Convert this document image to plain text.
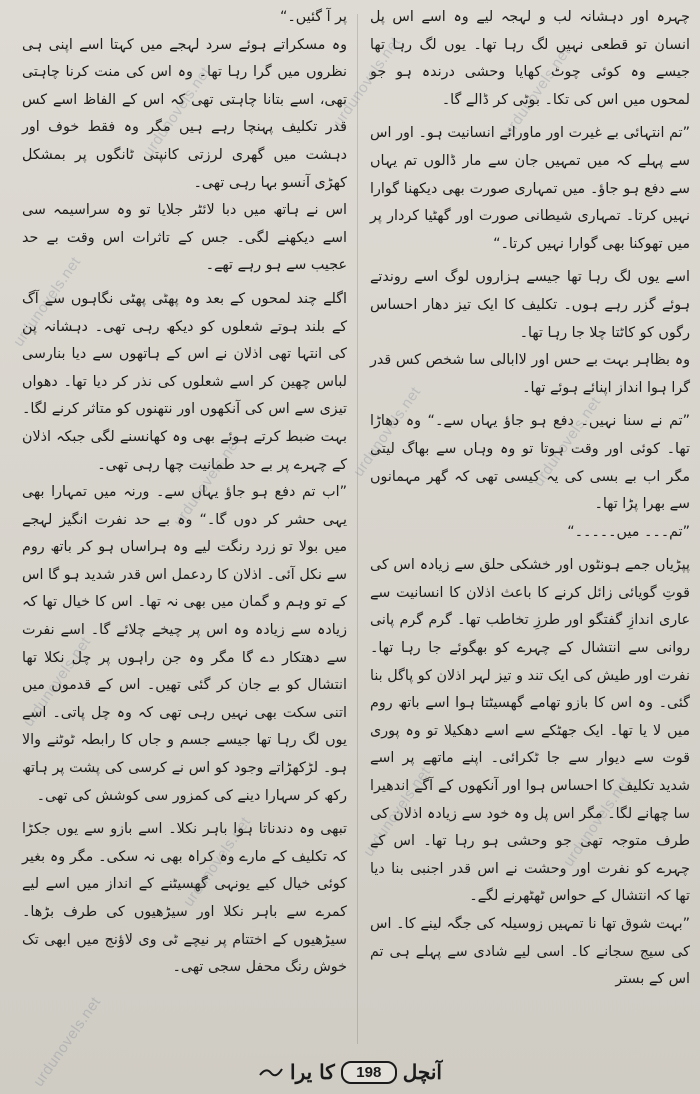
urdunovels.net
urdunovels.net
urdunovels.net
urdunovels.net
urdunovels.net
urdunovels.net
urdunovels.net
urdunovels.net
urdunovels.net
urdunovels.net
urdunovels.net
urdunovels.net

چہرہ اور دہشانہ لب و لہجہ لیے وہ اسے اس پل انسان تو قطعی نہیں لگ رہا تھا۔ یوں لگ رہا تھا جیسے وہ کوئی چوٹ کھایا وحشی درندہ ہو جو لمحوں میں اس کی تکا۔ بوٹی کر ڈالے گا۔

”تم انتہائی بے غیرت اور ماورائے انسانیت ہو۔ اور اس سے پہلے کہ میں تمہیں جان سے مار ڈالوں تم یہاں سے دفع ہو جاؤ۔ میں تمہاری صورت بھی دیکھنا گوارا نہیں کرتا۔ تمہاری شیطانی صورت اور گھٹیا کردار پر میں تھوکنا بھی گوارا نہیں کرتا۔“

اسے یوں لگ رہا تھا جیسے ہزاروں لوگ اسے روندتے ہوئے گزر رہے ہوں۔ تکلیف کا ایک تیز دھار احساس رگوں کو کاٹتا چلا جا رہا تھا۔

وہ بظاہر بہت بے حس اور لاابالی سا شخص کس قدر گرا ہوا انداز اپنائے ہوئے تھا۔

”تم نے سنا نہیں۔ دفع ہو جاؤ یہاں سے۔“ وہ دھاڑا تھا۔ کوئی اور وقت ہوتا تو وہ وہاں سے بھاگ لیتی مگر اب بے بسی کی یہ کیسی تھی کہ گھر مہمانوں سے بھرا پڑا تھا۔

”تم۔۔۔ میں۔۔۔۔۔“

پپڑیاں جمے ہونٹوں اور خشکی حلق سے زیادہ اس کی قوتِ گویائی زائل کرنے کا باعث اذلان کا انسانیت سے عاری اندازِ گفتگو اور طرزِ تخاطب تھا۔ گرم گرم پانی روانی سے انتشال کے چہرے کو بھگوئے جا رہا تھا۔ نفرت اور طیش کی ایک تند و تیز لہر اذلان کو پاگل بنا گئی۔ وہ اس کا بازو تھامے گھسیٹتا ہوا اسے باتھ روم میں لا یا تھا۔ ایک جھٹکے سے اسے دھکیلا تو وہ پوری قوت سے دیوار سے جا ٹکرائی۔ اپنے ماتھے پر اسے شدید تکلیف کا احساس ہوا اور آنکھوں کے آگے اندھیرا سا چھانے لگا۔ مگر اس پل وہ خود سے زیادہ اذلان کی طرف متوجہ تھی جو وحشی ہو رہا تھا۔ اس کے چہرے کو نفرت اور وحشت نے اس قدر اجنبی بنا دیا تھا کہ انتشال کے حواس ٹھٹھرنے لگے۔

”بہت شوق تھا نا تمہیں زوسیلہ کی جگہ لینے کا۔ اس کی سیج سجانے کا۔ اسی لیے شادی سے پہلے ہی تم اس کے بستر

پر آ گئیں۔“

وہ مسکراتے ہوئے سرد لہجے میں کہتا اسے اپنی ہی نظروں میں گرا رہا تھا۔ وہ اس کی منت کرنا چاہتی تھی، اسے بتانا چاہتی تھی کہ اس کے الفاظ اسے کس قدر تکلیف پہنچا رہے ہیں مگر وہ فقط خوف اور دہشت میں گھری لرزتی کانپتی ٹانگوں پر بمشکل کھڑی آنسو بہا رہی تھی۔

اس نے ہاتھ میں دبا لائٹر جلایا تو وہ سراسیمہ سی اسے دیکھنے لگی۔ جس کے تاثرات اس وقت بے حد عجیب سے ہو رہے تھے۔

اگلے چند لمحوں کے بعد وہ پھٹی پھٹی نگاہوں سے آگ کے بلند ہوتے شعلوں کو دیکھ رہی تھی۔ دہشانہ پن کی انتہا تھی اذلان نے اس کے ہاتھوں سے دیا بنارسی لباس چھین کر اسے شعلوں کی نذر کر دیا تھا۔ دھواں تیزی سے اس کی آنکھوں اور نتھنوں کو متاثر کرنے لگا۔ بہت ضبط کرتے ہوئے بھی وہ کھانسنے لگی جبکہ اذلان کے چہرے پر بے حد طمانیت چھا رہی تھی۔

”اب تم دفع ہو جاؤ یہاں سے۔ ورنہ میں تمہارا بھی یہی حشر کر دوں گا۔“ وہ بے حد نفرت انگیز لہجے میں بولا تو زرد رنگت لیے وہ ہراساں ہو کر باتھ روم سے نکل آئی۔ اذلان کا ردعمل اس قدر شدید ہو گا اس کے تو وہم و گمان میں بھی نہ تھا۔ اس کا خیال تھا کہ زیادہ سے زیادہ وہ اس پر چیخے چلائے گا۔ اسے نفرت سے دھتکار دے گا مگر وہ جن راہوں پر چل نکلا تھا انتشال کو بے جان کر گئی تھیں۔ اس کے قدموں میں اتنی سکت بھی نہیں رہی تھی کہ وہ چل پاتی۔ اسے یوں لگ رہا تھا جیسے جسم و جاں کا رابطہ ٹوٹنے والا ہو۔ لڑکھڑاتے وجود کو اس نے کرسی کی پشت پر ہاتھ رکھ کر سہارا دینے کی کمزور سی کوشش کی تھی۔

تبھی وہ دندناتا ہوا باہر نکلا۔ اسے بازو سے یوں جکڑا کہ تکلیف کے مارے وہ کراہ بھی نہ سکی۔ مگر وہ بغیر کوئی خیال کیے یونہی گھسیٹنے کے انداز میں اسے لیے کمرے سے باہر نکلا اور سیڑھیوں کی طرف بڑھا۔ سیڑھیوں کے اختتام پر نیچے ٹی وی لاؤنج میں ابھی تک خوش رنگ محفل سجی تھی۔

آنچل
198
کا یرا
